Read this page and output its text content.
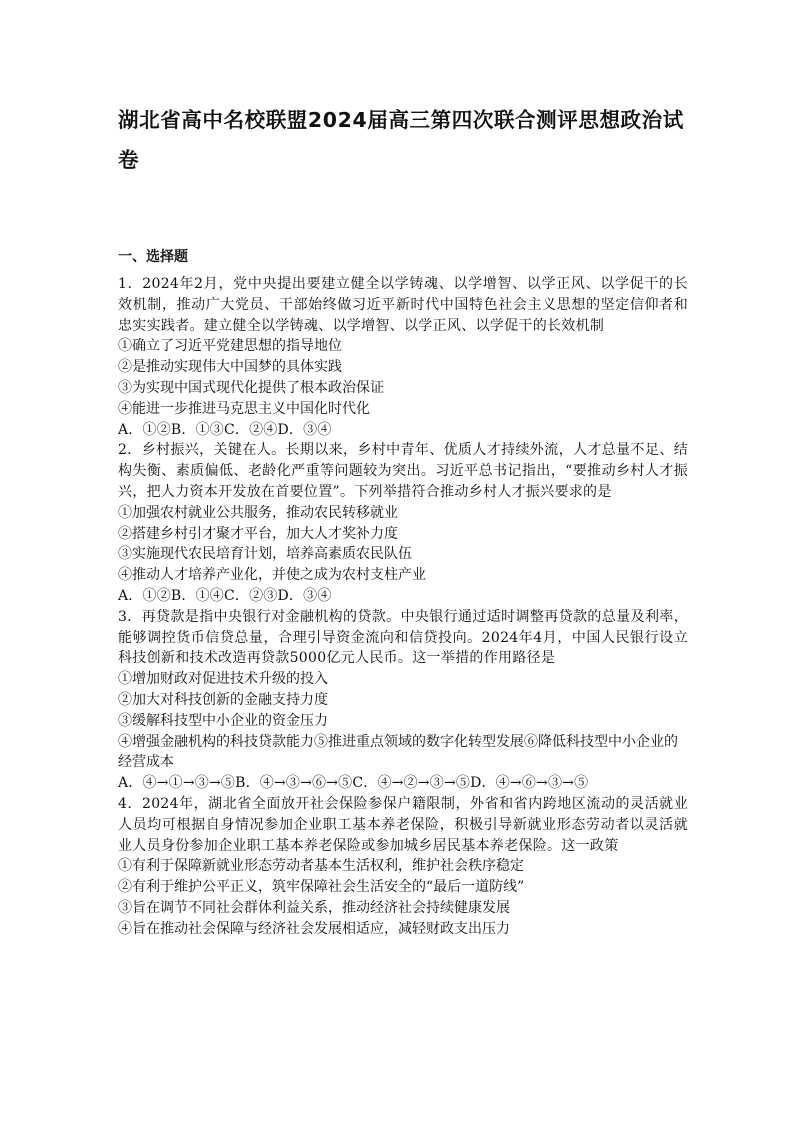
湖北省高中名校联盟2024届高三第四次联合测评思想政治试卷
一、选择题

1．2024年2月，党中央提出要建立健全以学铸魂、以学增智、以学正风、以学促干的长效机制，推动广大党员、干部始终做习近平新时代中国特色社会主义思想的坚定信仰者和忠实实践者。建立健全以学铸魂、以学增智、以学正风、以学促干的长效机制

①确立了习近平党建思想的指导地位
②是推动实现伟大中国梦的具体实践
③为实现中国式现代化提供了根本政治保证
④能进一步推进马克思主义中国化时代化

A．①②B．①③C．②④D．③④

2．乡村振兴，关键在人。长期以来，乡村中青年、优质人才持续外流，人才总量不足、结构失衡、素质偏低、老龄化严重等问题较为突出。习近平总书记指出，“要推动乡村人才振兴，把人力资本开发放在首要位置”。下列举措符合推动乡村人才振兴要求的是

①加强农村就业公共服务，推动农民转移就业
②搭建乡村引才聚才平台，加大人才奖补力度
③实施现代农民培育计划，培养高素质农民队伍
④推动人才培养产业化，并使之成为农村支柱产业

A．①②B．①④C．②③D．③④

3．再贷款是指中央银行对金融机构的贷款。中央银行通过适时调整再贷款的总量及利率，能够调控货币信贷总量，合理引导资金流向和信贷投向。2024年4月，中国人民银行设立科技创新和技术改造再贷款5000亿元人民币。这一举措的作用路径是

①增加财政对促进技术升级的投入
②加大对科技创新的金融支持力度
③缓解科技型中小企业的资金压力
④增强金融机构的科技贷款能力⑤推进重点领域的数字化转型发展⑥降低科技型中小企业的经营成本

A．④→①→③→⑤B．④→③→⑥→⑤C．④→②→③→⑤D．④→⑥→③→⑤

4．2024年，湖北省全面放开社会保险参保户籍限制，外省和省内跨地区流动的灵活就业人员均可根据自身情况参加企业职工基本养老保险，积极引导新就业形态劳动者以灵活就业人员身份参加企业职工基本养老保险或参加城乡居民基本养老保险。这一政策

①有利于保障新就业形态劳动者基本生活权利，维护社会秩序稳定
②有利于维护公平正义，筑牢保障社会生活安全的“最后一道防线”
③旨在调节不同社会群体利益关系，推动经济社会持续健康发展
④旨在推动社会保障与经济社会发展相适应，减轻财政支出压力
